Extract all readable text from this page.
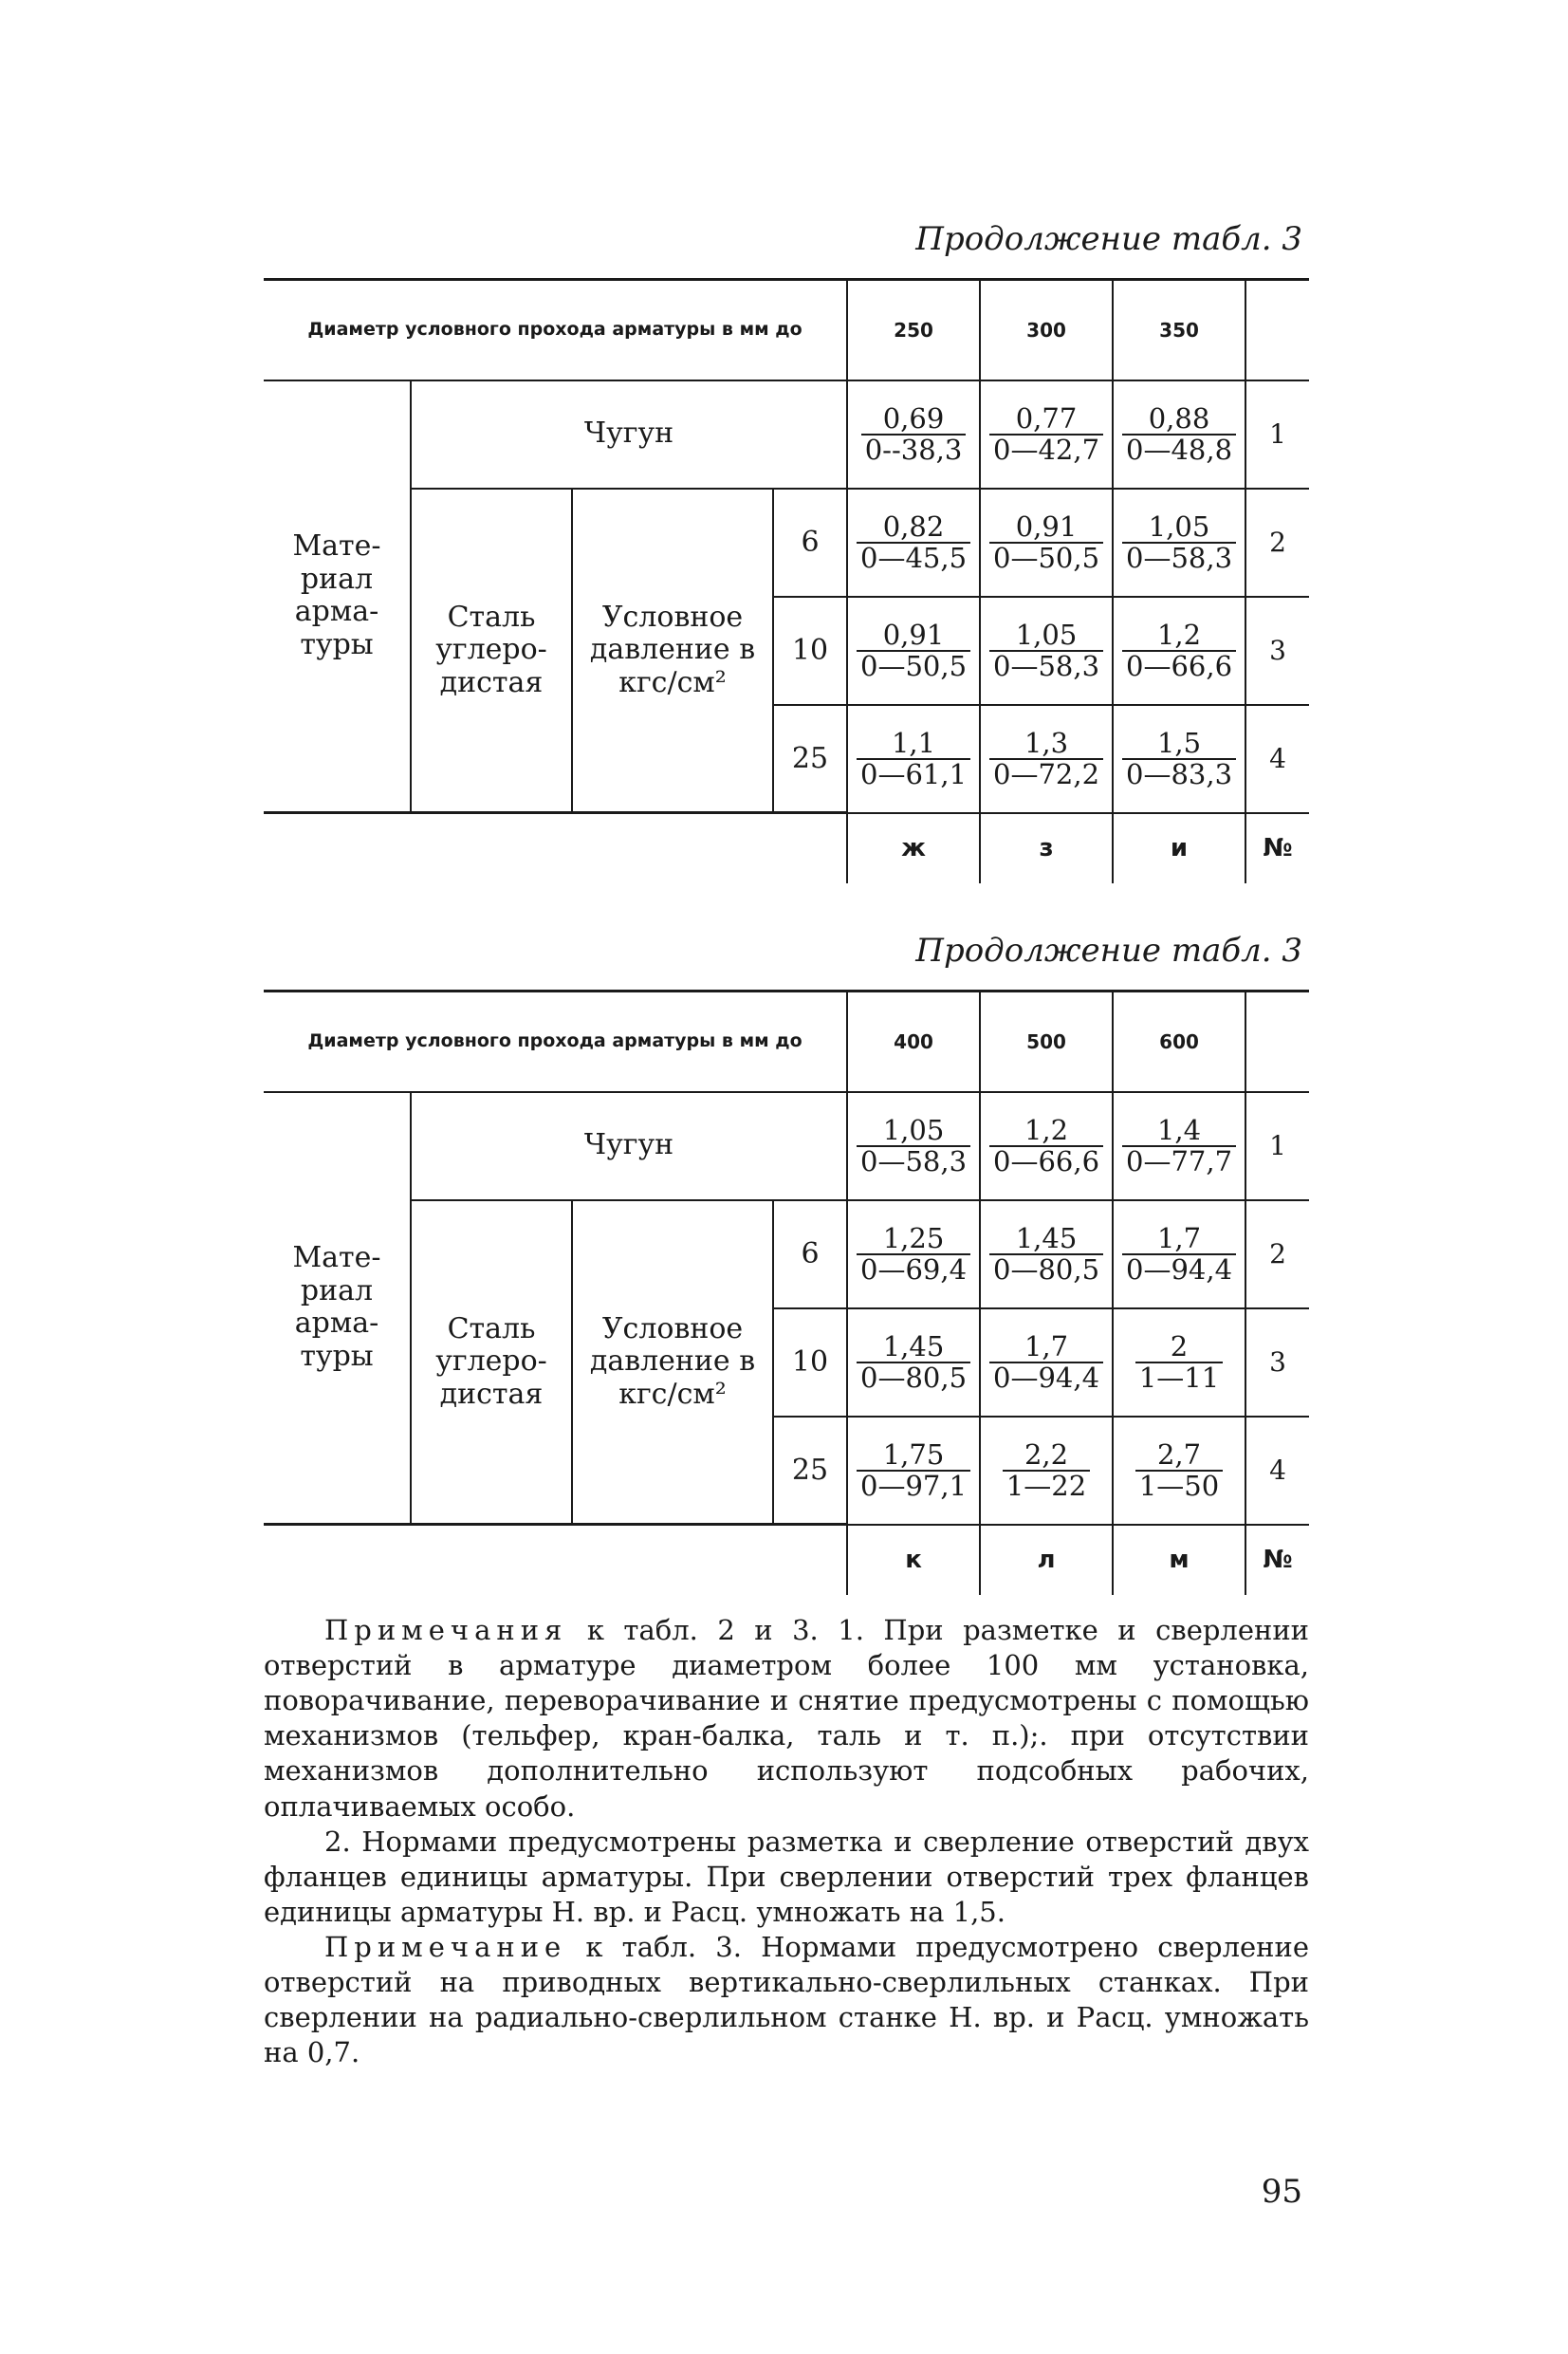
Продолжение табл. 3
Диаметр условного прохода арматуры в мм до				250	300	350	
Мате-риал арма-туры	Чугун			$\frac{0,69}{0--38,3}$	$\frac{0,77}{0—42,7}$	$\frac{0,88}{0—48,8}$	1
	Сталь углеро-дистая	Условное давление в кгс/см²	6	$\frac{0,82}{0—45,5}$	$\frac{0,91}{0—50,5}$	$\frac{1,05}{0—58,3}$	2
			10	$\frac{0,91}{0—50,5}$	$\frac{1,05}{0—58,3}$	$\frac{1,2}{0—66,6}$	3
			25	$\frac{1,1}{0—61,1}$	$\frac{1,3}{0—72,2}$	$\frac{1,5}{0—83,3}$	4
				ж	з	и	№
Продолжение табл. 3
Диаметр условного прохода арматуры в мм до				400	500	600	
Мате-риал арма-туры	Чугун			$\frac{1,05}{0—58,3}$	$\frac{1,2}{0—66,6}$	$\frac{1,4}{0—77,7}$	1
	Сталь углеро-дистая	Условное давление в кгс/см²	6	$\frac{1,25}{0—69,4}$	$\frac{1,45}{0—80,5}$	$\frac{1,7}{0—94,4}$	2
			10	$\frac{1,45}{0—80,5}$	$\frac{1,7}{0—94,4}$	$\frac{2}{1—11}$	3
			25	$\frac{1,75}{0—97,1}$	$\frac{2,2}{1—22}$	$\frac{2,7}{1—50}$	4
				к	л	м	№

Примечания к табл. 2 и 3. 1. При разметке и сверлении отверстий в арматуре диаметром более 100 мм установка, поворачивание, переворачивание и снятие предусмотрены с помощью механизмов (тельфер, кран-балка, таль и т. п.);. при отсутствии механизмов дополнительно используют подсобных рабочих, оплачиваемых особо.

2. Нормами предусмотрены разметка и сверление отверстий двух фланцев единицы арматуры. При сверлении отверстий трех фланцев единицы арматуры Н. вр. и Расц. умножать на 1,5.

Примечание к табл. 3. Нормами предусмотрено сверление отверстий на приводных вертикально-сверлильных станках. При сверлении на радиально-сверлильном станке Н. вр. и Расц. умножать на 0,7.

95
